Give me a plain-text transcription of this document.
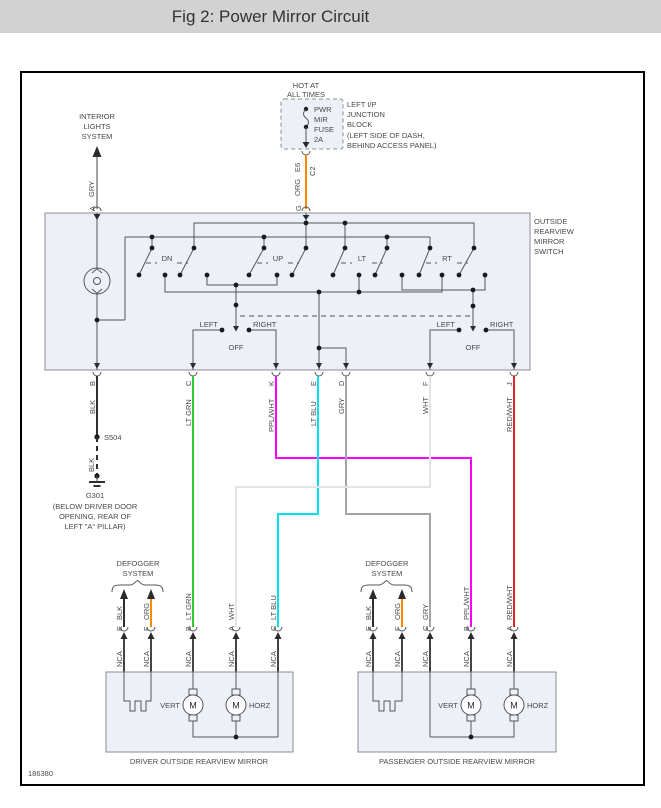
Fig 2: Power Mirror Circuit
HOT AT
ALL TIMES
PWR
MIR
FUSE
2A
LEFT I/P
JUNCTION
BLOCK
(LEFT SIDE OF DASH,
BEHIND ACCESS PANEL)
E6 C2
ORG
G
INTERIOR
LIGHTS
SYSTEM
GRY
A
OUTSIDE
REARVIEW
MIRROR
SWITCH
DN	UP	LT	RT
LEFT	RIGHT
OFF
LEFT	RIGHT
OFF
B	C	K	E	D	F	J
BLK	LT GRN	PPL/WHT	LT BLU	GRY	WHT	RED/WHT
S504
BLK
G301
(BELOW DRIVER DOOR
OPENING, REAR OF
LEFT "A" PILLAR)
DEFOGGER
SYSTEM
DEFOGGER
SYSTEM
BLK
E
ORG
F
LT GRN
B
WHT
A
LT BLU
C
NCA NCA	NCA	NCA	NCA
BLK
E
ORG
F
GRY
C
PPL/WHT
B
RED/WHT
A
NCA	NCA	NCA	NCA	NCA
M
VERT	M HORZ
DRIVER OUTSIDE REARVIEW MIRROR
M
VERT	M HORZ
PASSENGER OUTSIDE REARVIEW MIRROR
186380
